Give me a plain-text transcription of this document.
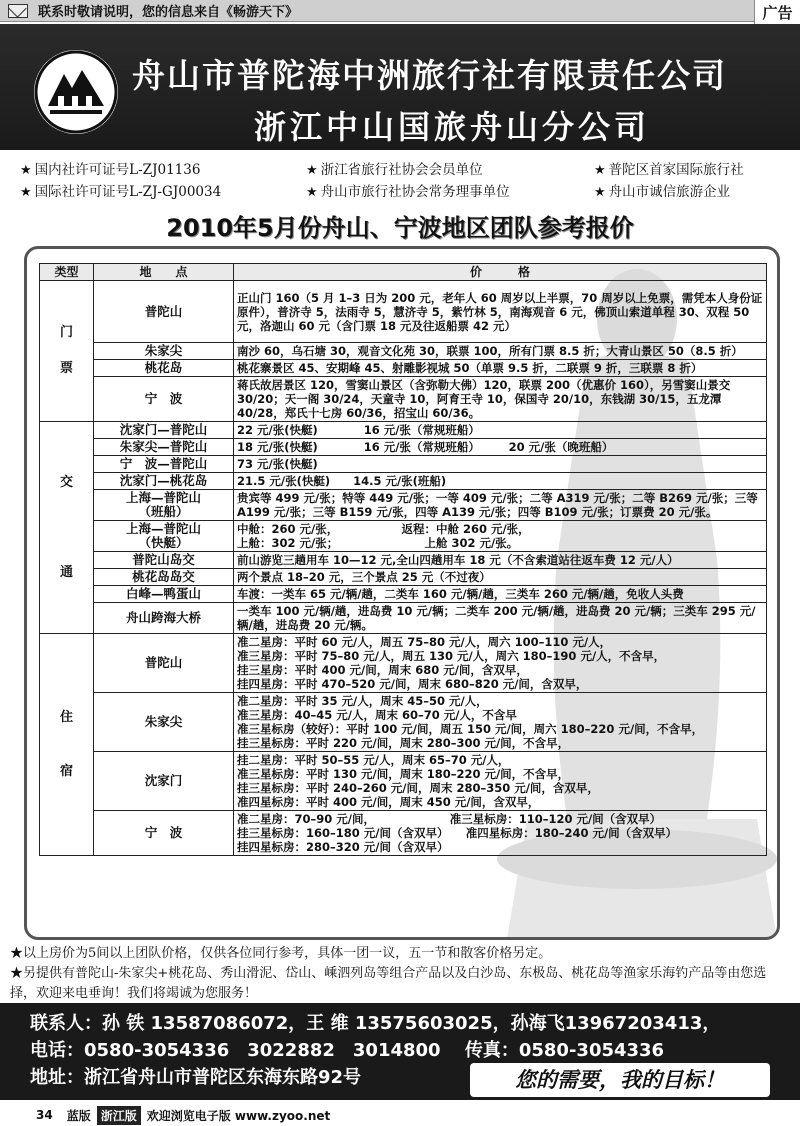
联系时敬请说明，您的信息来自《畅游天下》	广告
舟山市普陀海中洲旅行社有限责任公司
浙江中山国旅舟山分公司
★ 国内社许可证号L-ZJ01136	★ 浙江省旅行社协会会员单位	★ 普陀区首家国际旅行社
★ 国际社许可证号L-ZJ-GJ00034	★ 舟山市旅行社协会常务理事单位	★ 舟山市诚信旅游企业
2010年5月份舟山、宁波地区团队参考报价
类型	地　　点	价　　　格
门

票	普陀山	正山门 160（5 月 1–3 日为 200 元，老年人 60 周岁以上半票，70 周岁以上免票，需凭本人身份证原件），普济寺 5，法雨寺 5，慧济寺 5，紫竹林 5，南海观音 6 元，佛顶山索道单程 30、双程 50 元，洛迦山 60 元（含门票 18 元及往返船票 42 元）
	朱家尖	南沙 60，乌石塘 30，观音文化苑 30，联票 100，所有门票 8.5 折；大青山景区 50（8.5 折）
	桃花岛	桃花寨景区 45、安期峰 45、射雕影视城 50（单票 9.5 折，二联票 9 折，三联票 8 折）
	宁　波	蒋氏故居景区 120，雪窦山景区（含弥勒大佛）120，联票 200（优惠价 160），另雪窦山景交 30/20；天一阁 30/24，天童寺 10，阿育王寺 10，保国寺 20/10，东钱湖 30/15，五龙潭 40/28，郑氏十七房 60/36，招宝山 60/36。
交

通	沈家门—普陀山	22 元/张(快艇)　　　　16 元/张（常规班船）
	朱家尖—普陀山	18 元/张(快艇)　　　　16 元/张（常规班船）　　　20 元/张（晚班船）
	宁　波—普陀山	73 元/张(快艇)
	沈家门—桃花岛	21.5 元/张(快艇)　　14.5 元/张(班船)
	上海—普陀山
（班船）	贵宾等 499 元/张；特等 449 元/张；一等 409 元/张；二等 A319 元/张；二等 B269 元/张；三等 A199 元/张；三等 B159 元/张，四等 A139 元/张；四等 B109 元/张；订票费 20 元/张。
	上海—普陀山
（快艇）	中舱：260 元/张，　　　　　　返程：中舱 260 元/张，
上舱：302 元/张；　　　　　　　　上舱 302 元/张。
	普陀山岛交	前山游览三趟用车 10—12 元,全山四趟用车 18 元（不含索道站往返车费 12 元/人）
	桃花岛岛交	两个景点 18–20 元，三个景点 25 元（不过夜）
	白峰—鸭蛋山	车渡：一类车 65 元/辆/趟，二类车 160 元/辆/趟，三类车 260 元/辆/趟，免收人头费
	舟山跨海大桥	一类车 100 元/辆/趟，进岛费 10 元/辆；二类车 200 元/辆/趟，进岛费 20 元/辆；三类车 295 元/辆/趟，进岛费 20 元/辆。
住

宿	普陀山	准二星房：平时 60 元/人，周五 75–80 元/人，周六 100–110 元/人，
准三星房：平时 75–80 元/人，周五 130 元/人，周六 180–190 元/人，不含早，
挂三星房：平时 400 元/间，周末 680 元/间，含双早，
挂四星房：平时 470–520 元/间，周末 680–820 元/间，含双早，
	朱家尖	准二星房：平时 35 元/人，周末 45–50 元/人，
准三星房：40–45 元/人，周末 60–70 元/人，不含早
准三星标房（较好）：平时 100 元/间，周五 150 元/间，周六 180–220 元/间，不含早，
挂三星标房：平时 220 元/间，周末 280–300 元/间，不含早，
	沈家门	挂二星房：平时 50–55 元/人，周末 65–70 元/人，
准三星标房：平时 130 元/间，周末 180–220 元/间，不含早，
挂三星标房：平时 240–260 元/间，周末 280–350 元/间，含双早，
准四星标房：平时 400 元/间，周末 450 元/间，含双早，
	宁　波	准二星房：70–90 元/间，　　　　　　　准三星标房：110–120 元/间（含双早）
挂三星标房：160–180 元/间（含双早）　　准四星标房：180–240 元/间（含双早）
挂四星标房：280–320 元/间（含双早）
★以上房价为5间以上团队价格，仅供各位同行参考，具体一团一议，五一节和散客价格另定。
★另提供有普陀山-朱家尖+桃花岛、秀山滑泥、岱山、嵊泗列岛等组合产品以及白沙岛、东极岛、桃花岛等渔家乐海钓产品等由您选择，欢迎来电垂询！我们将竭诚为您服务！
联系人：孙 铁 13587086072，王 维 13575603025，孙海飞13967203413，
电话：0580-3054336　3022882　3014800　 传真：0580-3054336
地址：浙江省舟山市普陀区东海东路92号	您的需要，我的目标！
34 蓝版 浙江版 欢迎浏览电子版 www.zyoo.net
